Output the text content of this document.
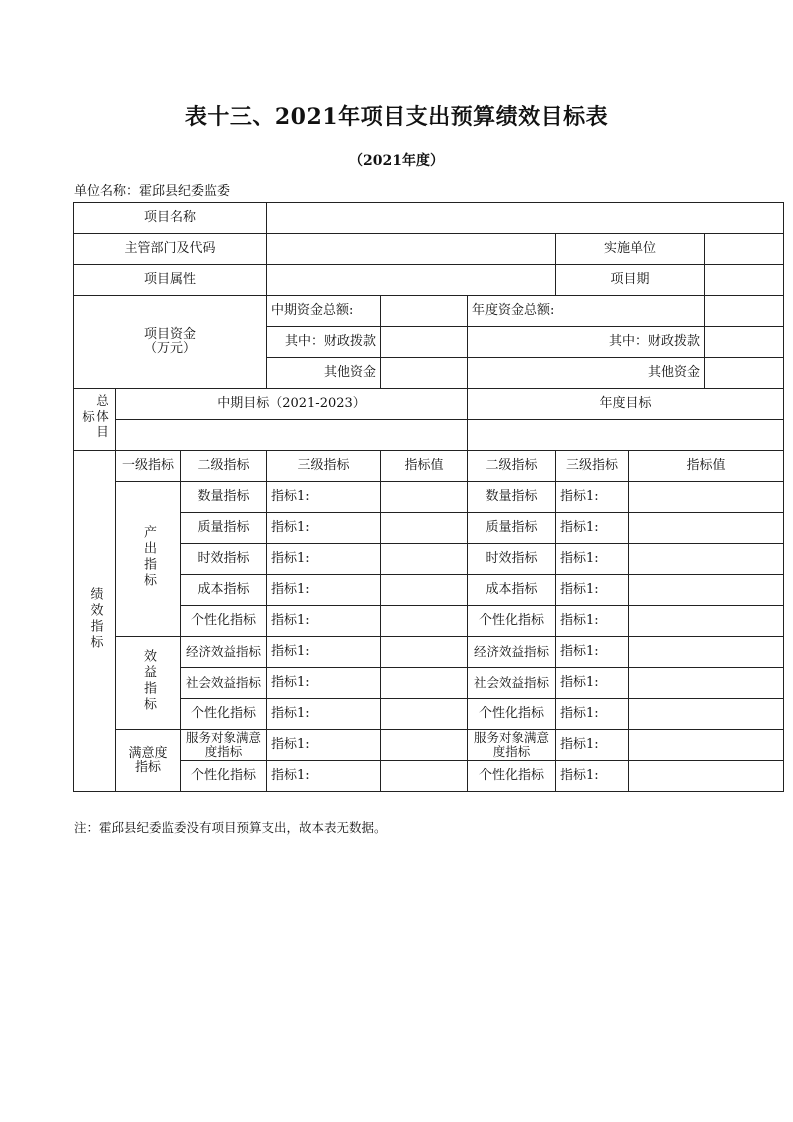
表十三、2021年项目支出预算绩效目标表
（2021年度）
单位名称：霍邱县纪委监委
项目名称								
主管部门及代码						实施单位		
项目属性						项目期		

项目资金
（万元）			中期资金总额:		年度资金总额:			
			其中：财政拨款		其中：财政拨款			
			其他资金		其他资金			
总体目标	中期目标（2021-2023）				年度目标			

绩效指标	一级指标	二级指标	三级指标	指标值	二级指标	三级指标	指标值	
	产出指标	数量指标	指标1:		数量指标	指标1:		
		质量指标	指标1:		质量指标	指标1:		
		时效指标	指标1:		时效指标	指标1:		
		成本指标	指标1:		成本指标	指标1:		
		个性化指标	指标1:		个性化指标	指标1:		
	效益指标	经济效益指标	指标1:		经济效益指标	指标1:		
		社会效益指标	指标1:		社会效益指标	指标1:		
		个性化指标	指标1:		个性化指标	指标1:		
	满意度指标	服务对象满意度指标	指标1:		服务对象满意度指标	指标1:		
		个性化指标	指标1:		个性化指标	指标1:		
注：霍邱县纪委监委没有项目预算支出，故本表无数据。
